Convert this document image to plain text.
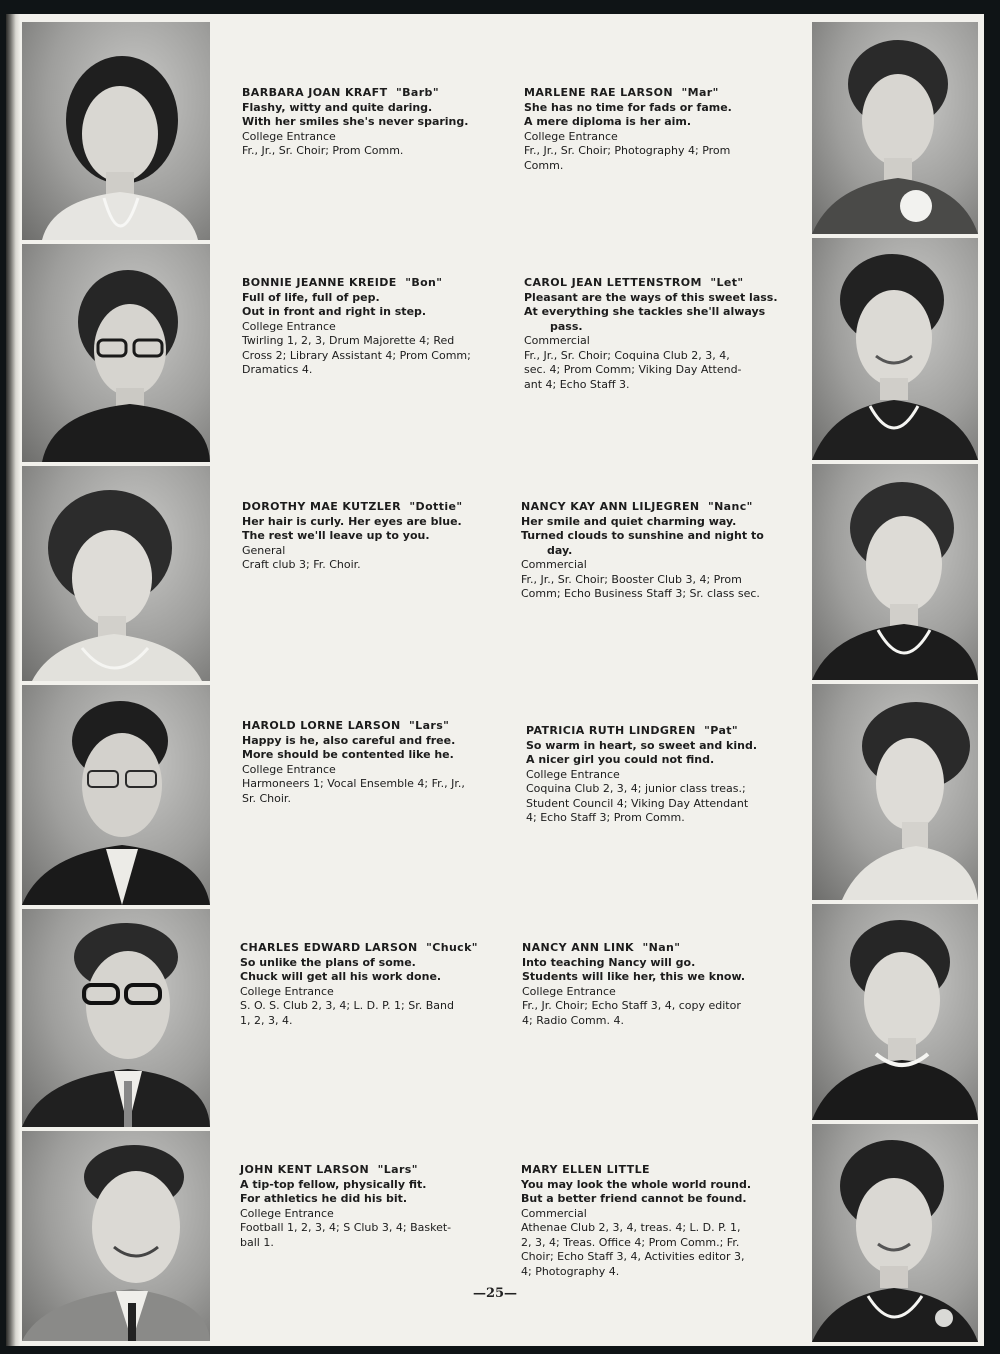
BARBARA JOAN KRAFT "Barb"
Flashy, witty and quite daring.
With her smiles she's never sparing.
College Entrance
Fr., Jr., Sr. Choir; Prom Comm.
BONNIE JEANNE KREIDE "Bon"
Full of life, full of pep.
Out in front and right in step.
College Entrance
Twirling 1, 2, 3, Drum Majorette 4; Red
Cross 2; Library Assistant 4; Prom Comm;
Dramatics 4.
DOROTHY MAE KUTZLER "Dottie"
Her hair is curly. Her eyes are blue.
The rest we'll leave up to you.
General
Craft club 3; Fr. Choir.
HAROLD LORNE LARSON "Lars"
Happy is he, also careful and free.
More should be contented like he.
College Entrance
Harmoneers 1; Vocal Ensemble 4; Fr., Jr.,
Sr. Choir.
CHARLES EDWARD LARSON "Chuck"
So unlike the plans of some.
Chuck will get all his work done.
College Entrance
S. O. S. Club 2, 3, 4; L. D. P. 1; Sr. Band
1, 2, 3, 4.
JOHN KENT LARSON "Lars"
A tip-top fellow, physically fit.
For athletics he did his bit.
College Entrance
Football 1, 2, 3, 4; S Club 3, 4; Basket-
ball 1.
MARLENE RAE LARSON "Mar"
She has no time for fads or fame.
A mere diploma is her aim.
College Entrance
Fr., Jr., Sr. Choir; Photography 4; Prom
Comm.
CAROL JEAN LETTENSTROM "Let"
Pleasant are the ways of this sweet lass.
At everything she tackles she'll always
pass.
Commercial
Fr., Jr., Sr. Choir; Coquina Club 2, 3, 4,
sec. 4; Prom Comm; Viking Day Attend-
ant 4; Echo Staff 3.
NANCY KAY ANN LILJEGREN "Nanc"
Her smile and quiet charming way.
Turned clouds to sunshine and night to
day.
Commercial
Fr., Jr., Sr. Choir; Booster Club 3, 4; Prom
Comm; Echo Business Staff 3; Sr. class sec.
PATRICIA RUTH LINDGREN "Pat"
So warm in heart, so sweet and kind.
A nicer girl you could not find.
College Entrance
Coquina Club 2, 3, 4; junior class treas.;
Student Council 4; Viking Day Attendant
4; Echo Staff 3; Prom Comm.
NANCY ANN LINK "Nan"
Into teaching Nancy will go.
Students will like her, this we know.
College Entrance
Fr., Jr. Choir; Echo Staff 3, 4, copy editor
4; Radio Comm. 4.
MARY ELLEN LITTLE
You may look the whole world round.
But a better friend cannot be found.
Commercial
Athenae Club 2, 3, 4, treas. 4; L. D. P. 1,
2, 3, 4; Treas. Office 4; Prom Comm.; Fr.
Choir; Echo Staff 3, 4, Activities editor 3,
4; Photography 4.
—25—
